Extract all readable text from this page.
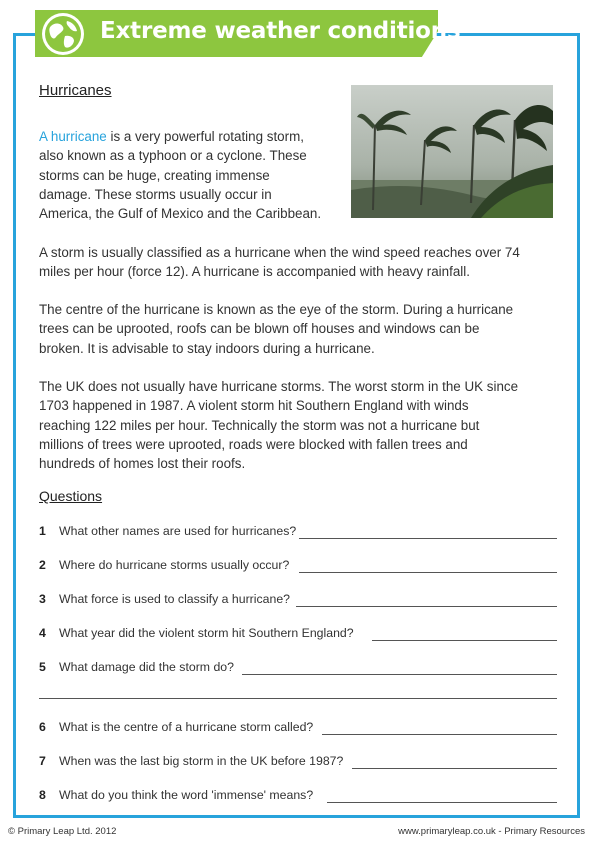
Extreme weather conditions
Hurricanes
A hurricane is a very powerful rotating storm,
also known as a typhoon or a cyclone. These
storms can be huge, creating immense
damage. These storms usually occur in
America, the Gulf of Mexico and the Caribbean.
A storm is usually classified as a hurricane when the wind speed reaches over 74
miles per hour (force 12). A hurricane is accompanied with heavy rainfall.
The centre of the hurricane is known as the eye of the storm. During a hurricane
trees can be uprooted, roofs can be blown off houses and windows can be
broken. It is advisable to stay indoors during a hurricane.
The UK does not usually have hurricane storms. The worst storm in the UK since
1703 happened in 1987. A violent storm hit Southern England with winds
reaching 122 miles per hour. Technically the storm was not a hurricane but
millions of trees were uprooted, roads were blocked with fallen trees and
hundreds of homes lost their roofs.
Questions
1 What other names are used for hurricanes?
2 Where do hurricane storms usually occur?
3 What force is used to classify a hurricane?
4 What year did the violent storm hit Southern England?
5 What damage did the storm do?
6 What is the centre of a hurricane storm called?
7 When was the last big storm in the UK before 1987?
8 What do you think the word 'immense' means?
© Primary Leap Ltd. 2012	www.primaryleap.co.uk - Primary Resources
